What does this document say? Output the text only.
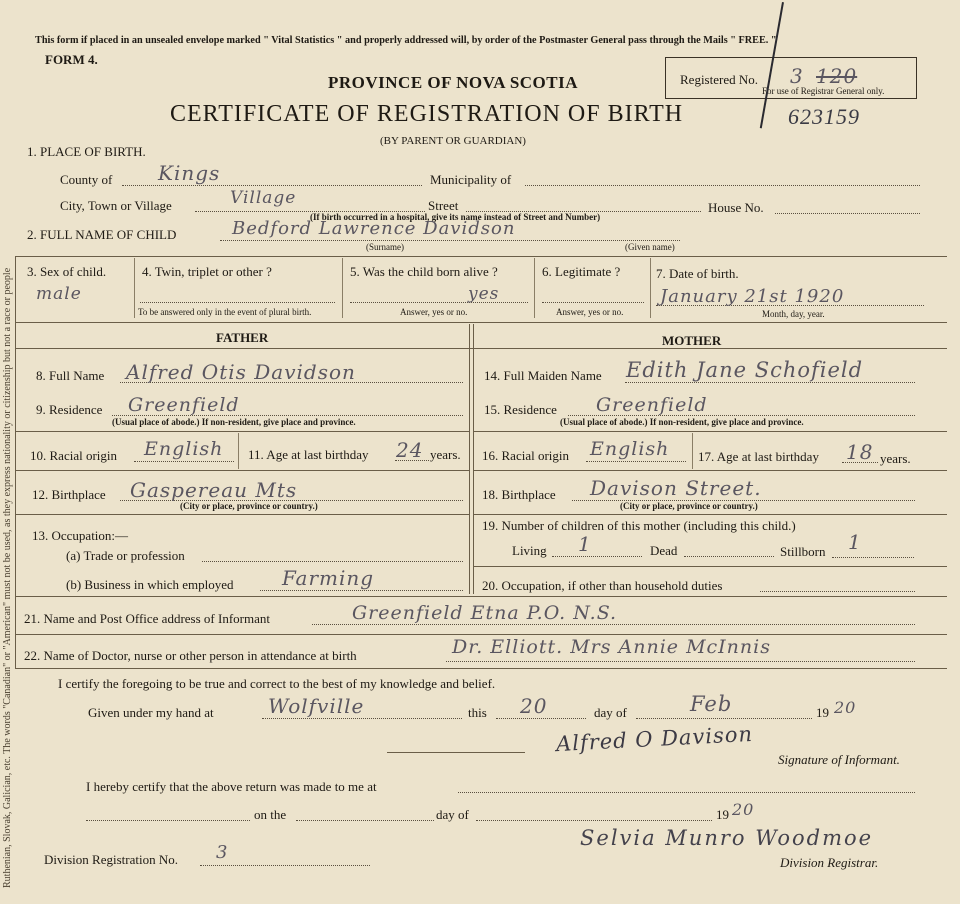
Ruthenian, Slovak, Galician, etc. The words "Canadian" or "American" must not be used, as they express nationality or citizenship but not a race or people
This form if placed in an unsealed envelope marked " Vital Statistics " and properly addressed will, by order of the Postmaster General pass through the Mails " FREE. "
FORM 4.
Registered No. 3 120
For use of Registrar General only.
PROVINCE OF NOVA SCOTIA
CERTIFICATE OF REGISTRATION OF BIRTH	623159
(BY PARENT OR GUARDIAN)
1. PLACE OF BIRTH.
County of Kings	Municipality of
City, Town or Village	Village	Street	House No.
(If birth occurred in a hospital, give its name instead of Street and Number)
2. FULL NAME OF CHILD	Bedford Lawrence Davidson
(Surname)	(Given name)
3. Sex of child.
male
4. Twin, triplet or other ?
To be answered only in the event of plural birth.
5. Was the child born alive ?
yes
Answer, yes or no.
6. Legitimate ?
Answer, yes or no.
7. Date of birth.
January 21st 1920
Month, day, year.
FATHER	MOTHER
8. Full Name Alfred Otis Davidson
9. Residence Greenfield
(Usual place of abode.) If non-resident, give place and province.
10. Racial origin English 11. Age at last birthday 24 years.
12. Birthplace Gaspereau Mts
(City or place, province or country.)
13. Occupation:—
(a) Trade or profession
(b) Business in which employed Farming
14. Full Maiden Name Edith Jane Schofield
15. Residence Greenfield
(Usual place of abode.) If non-resident, give place and province.
16. Racial origin English 17. Age at last birthday 18 years.
18. Birthplace Davison Street.
(City or place, province or country.)
19. Number of children of this mother (including this child.)
Living 1	Dead	Stillborn 1
20. Occupation, if other than household duties
21. Name and Post Office address of Informant	Greenfield Etna P.O. N.S.
22. Name of Doctor, nurse or other person in attendance at birth	Dr. Elliott. Mrs Annie McInnis
I certify the foregoing to be true and correct to the best of my knowledge and belief.
Given under my hand at	Wolfville	this 20	day of	Feb	19 20
Alfred O Davison
Signature of Informant.
I hereby certify that the above return was made to me at
on the	day of	19 20
Division Registration No. 3
Selvia Munro Woodmoe
Division Registrar.
